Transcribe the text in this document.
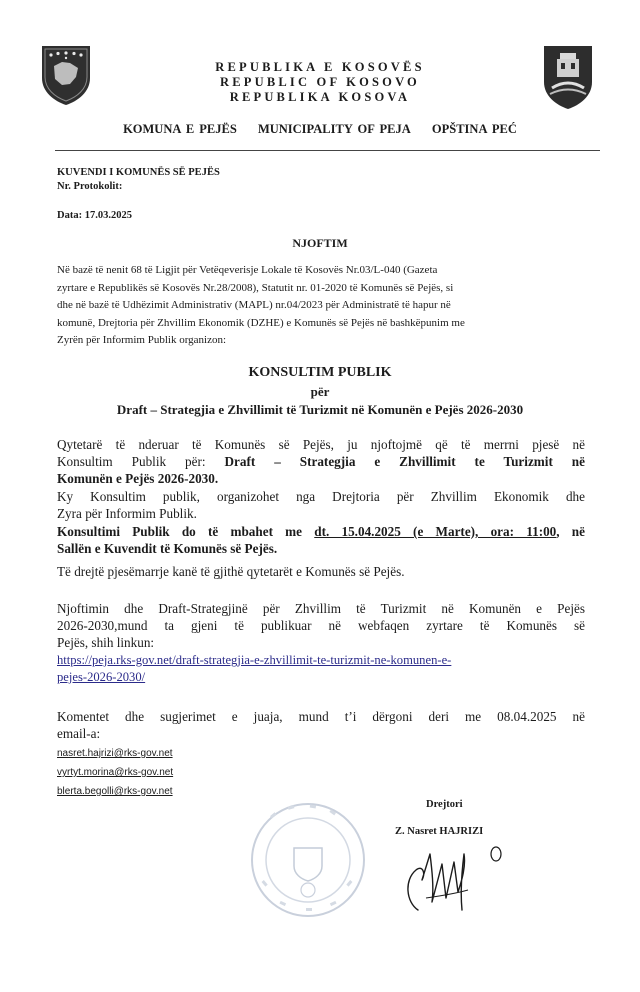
REPUBLIKA E KOSOVËS
REPUBLIC OF KOSOVO
REPUBLIKA KOSOVA
KOMUNA E PEJËS MUNICIPALITY OF PEJA OPŠTINA PEĆ
KUVENDI I KOMUNËS SË PEJËS
Nr. Protokolit:
Data: 17.03.2025
NJOFTIM
Në bazë të nenit 68 të Ligjit për Vetëqeverisje Lokale të Kosovës Nr.03/L-040 (Gazeta
zyrtare e Republikës së Kosovës Nr.28/2008), Statutit nr. 01-2020 të Komunës së Pejës, si
dhe në bazë të Udhëzimit Administrativ (MAPL) nr.04/2023 për Administratë të hapur në
komunë, Drejtoria për Zhvillim Ekonomik (DZHE) e Komunës së Pejës në bashkëpunim me
Zyrën për Informim Publik organizon:
KONSULTIM PUBLIK
për
Draft – Strategjia e Zhvillimit të Turizmit në Komunën e Pejës 2026-2030
Qytetarë të nderuar të Komunës së Pejës, ju njoftojmë që të merrni pjesë në
Konsultim Publik për: Draft – Strategjia e Zhvillimit te Turizmit në
Komunën e Pejës 2026-2030.
Ky Konsultim publik, organizohet nga Drejtoria për Zhvillim Ekonomik dhe
Zyra për Informim Publik.
Konsultimi Publik do të mbahet me dt. 15.04.2025 (e Marte), ora: 11:00, në
Sallën e Kuvendit të Komunës së Pejës.
Të drejtë pjesëmarrje kanë të gjithë qytetarët e Komunës së Pejës.
Njoftimin dhe Draft-Strategjinë për Zhvillim të Turizmit në Komunën e Pejës
2026-2030,mund ta gjeni të publikuar në webfaqen zyrtare të Komunës së
Pejës, shih linkun:
https://peja.rks-gov.net/draft-strategjia-e-zhvillimit-te-turizmit-ne-komunen-e-
pejes-2026-2030/
Komentet dhe sugjerimet e juaja, mund t’i dërgoni deri me 08.04.2025 në
email-a:
nasret.hajrizi@rks-gov.net
vyrtyt.morina@rks-gov.net
blerta.begolli@rks-gov.net
Drejtori
Z. Nasret HAJRIZI
